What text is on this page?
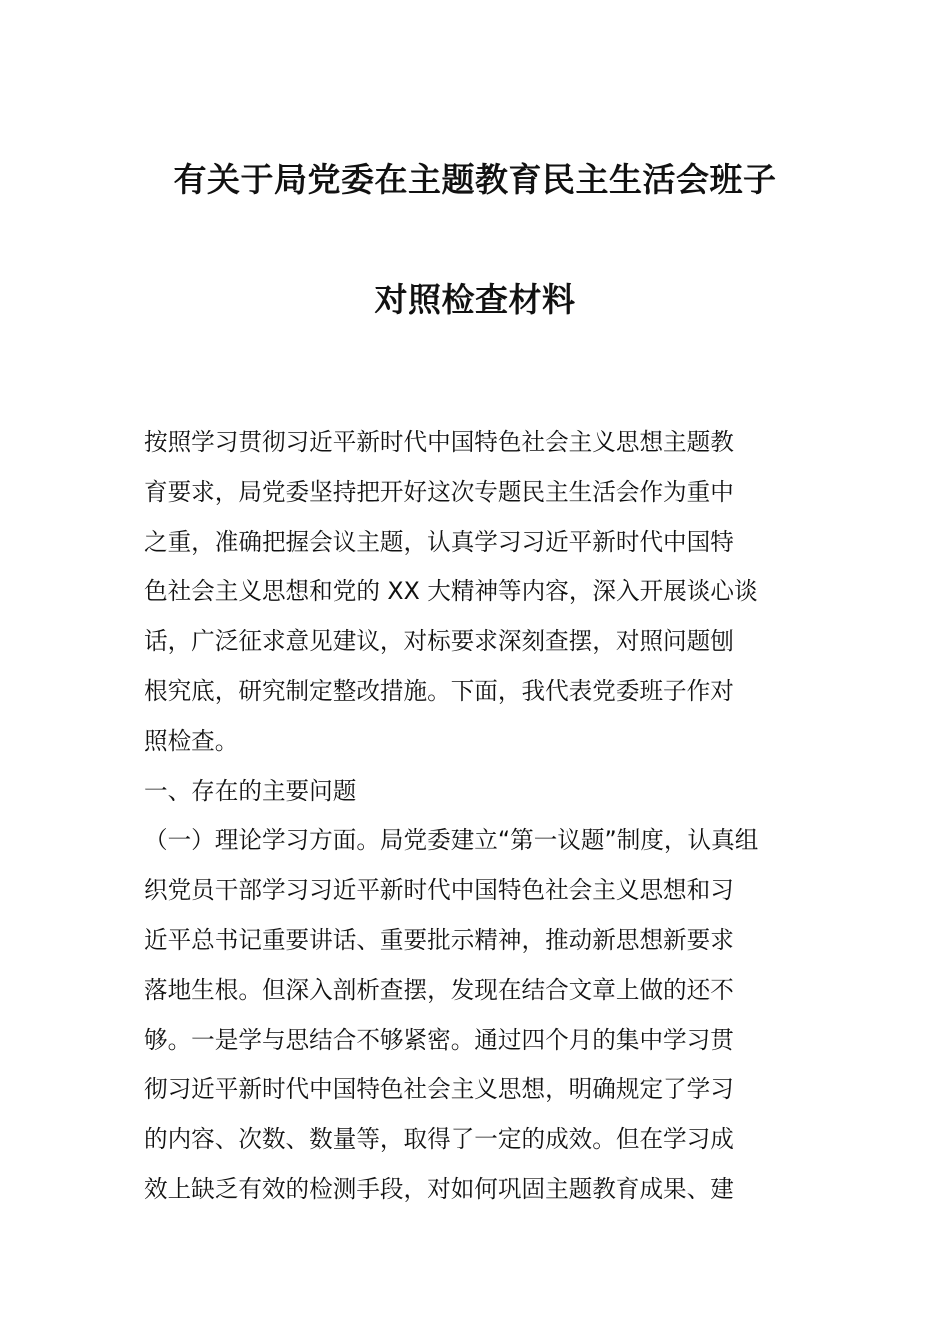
有关于局党委在主题教育民主生活会班子
对照检查材料
按照学习贯彻习近平新时代中国特色社会主义思想主题教
育要求，局党委坚持把开好这次专题民主生活会作为重中
之重，准确把握会议主题，认真学习习近平新时代中国特
色社会主义思想和党的 XX 大精神等内容，深入开展谈心谈
话，广泛征求意见建议，对标要求深刻查摆，对照问题刨
根究底，研究制定整改措施。下面，我代表党委班子作对
照检查。
一、存在的主要问题
（一）理论学习方面。局党委建立“第一议题”制度，认真组
织党员干部学习习近平新时代中国特色社会主义思想和习
近平总书记重要讲话、重要批示精神，推动新思想新要求
落地生根。但深入剖析查摆，发现在结合文章上做的还不
够。一是学与思结合不够紧密。通过四个月的集中学习贯
彻习近平新时代中国特色社会主义思想，明确规定了学习
的内容、次数、数量等，取得了一定的成效。但在学习成
效上缺乏有效的检测手段，对如何巩固主题教育成果、建
